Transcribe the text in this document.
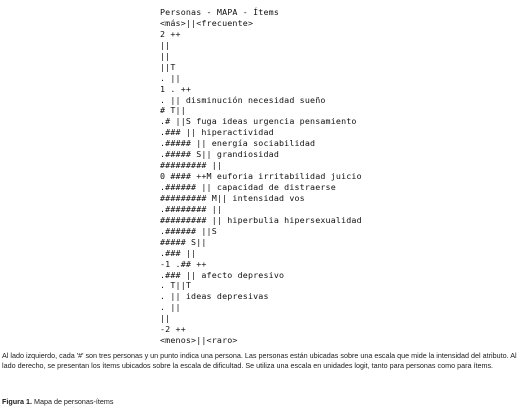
Personas - MAPA - Ítems
<más>||<frecuente>
2 ++
||
||
||T
. ||
1 . ++
. || disminución necesidad sueño
# T||
.# ||S fuga ideas urgencia pensamiento
.### || hiperactividad
.##### || energía sociabilidad
.##### S|| grandiosidad
######### ||
0 #### ++M euforia irritabilidad juicio
.###### || capacidad de distraerse
######### M|| intensidad vos
.######## ||
######### || hiperbulia hipersexualidad
.###### ||S
##### S||
.### ||
-1 .## ++
.### || afecto depresivo
. T||T
. || ideas depresivas
. ||
||
-2 ++
<menos>||<raro>

Al lado izquierdo, cada '#' son tres personas y un punto indica una persona. Las personas están ubicadas sobre una escala que mide la intensidad del atributo. Al lado derecho, se presentan los ítems ubicados sobre la escala de dificultad. Se utiliza una escala en unidades logit, tanto para personas como para ítems.

Figura 1. Mapa de personas-ítems
